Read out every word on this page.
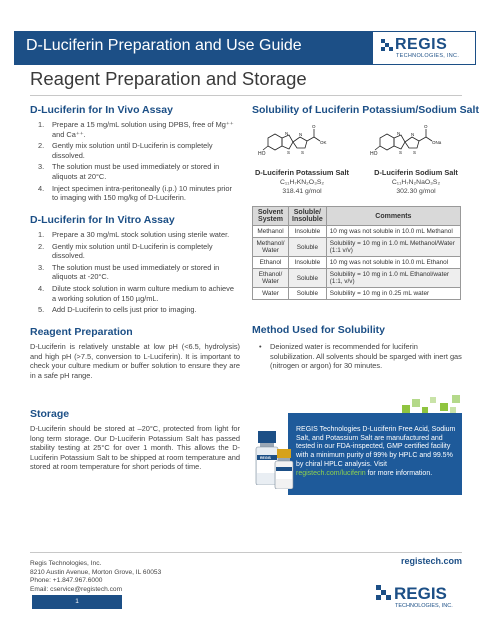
D-Luciferin Preparation and Use Guide	REGIS
TECHNOLOGIES, INC.
Reagent Preparation and Storage
D-Luciferin for In Vivo Assay
1. Prepare a 15 mg/mL solution using DPBS, free of Mg⁺⁺ and Ca⁺⁺.
2. Gently mix solution until D-Luciferin is completely dissolved.
3. The solution must be used immediately or stored in aliquots at 20°C.
4. Inject specimen intra-peritoneally (i.p.) 10 minutes prior to imaging with 150 mg/kg of D-Luciferin.
D-Luciferin for In Vitro Assay
1. Prepare a 30 mg/mL stock solution using sterile water.
2. Gently mix solution until D-Luciferin is completely dissolved.
3. The solution must be used immediately or stored in aliquots at -20°C.
4. Dilute stock solution in warm culture medium to achieve a working solution of 150 µg/mL.
5. Add D-Luciferin to cells just prior to imaging.
Reagent Preparation
D-Luciferin is relatively unstable at low pH (<6.5, hydrolysis) and high pH (>7.5, conversion to L-Luciferin). It is important to check your culture medium or buffer solution to ensure they are in a safe pH range.
Storage
D-Luciferin should be stored at –20°C, protected from light for long term storage. Our D-Luciferin Potassium Salt has passed stability testing at 25°C for over 1 month. This allows the D-Luciferin Potassium Salt to be shipped at room temperature and stored at room temperature for short periods of time.
Solubility of Luciferin Potassium/Sodium Salt
HO
N
S
N
S
O
OK
D-Luciferin Potassium Salt
C₁₁H₇KN₂O₃S₂
318.41 g/mol
HO
N
S
N
S
O
ONa
D-Luciferin Sodium Salt
C₁₁H₇N₂NaO₃S₂
302.30 g/mol
Solvent System	Soluble/ Insoluble	Comments
Methanol	Insoluble	10 mg was not soluble in 10.0 mL Methanol
Methanol/ Water	Soluble	Solubility = 10 mg in 1.0 mL Methanol/Water (1:1 v/v)
Ethanol	Insoluble	10 mg was not soluble in 10.0 mL Ethanol
Ethanol/ Water	Soluble	Solubility = 10 mg in 1.0 mL Ethanol/water (1:1, v/v)
Water	Soluble	Solubility = 10 mg in 0.25 mL water
Method Used for Solubility
• Deionized water is recommended for luciferin solubilization. All solvents should be sparged with inert gas (nitrogen or argon) for 30 minutes.
REGIS
REGIS Technologies D-Luciferin Free Acid, Sodium Salt, and Potassium Salt are manufactured and tested in our FDA-inspected, GMP certified facility with a minimum purity of 99% by HPLC and 99.5% by chiral HPLC analysis. Visit registech.com/luciferin for more information.
Regis Technologies, Inc.
8210 Austin Avenue, Morton Grove, IL 60053
Phone: +1.847.967.6000
Email: cservice@registech.com
registech.com
REGIS
TECHNOLOGIES, INC.
1
